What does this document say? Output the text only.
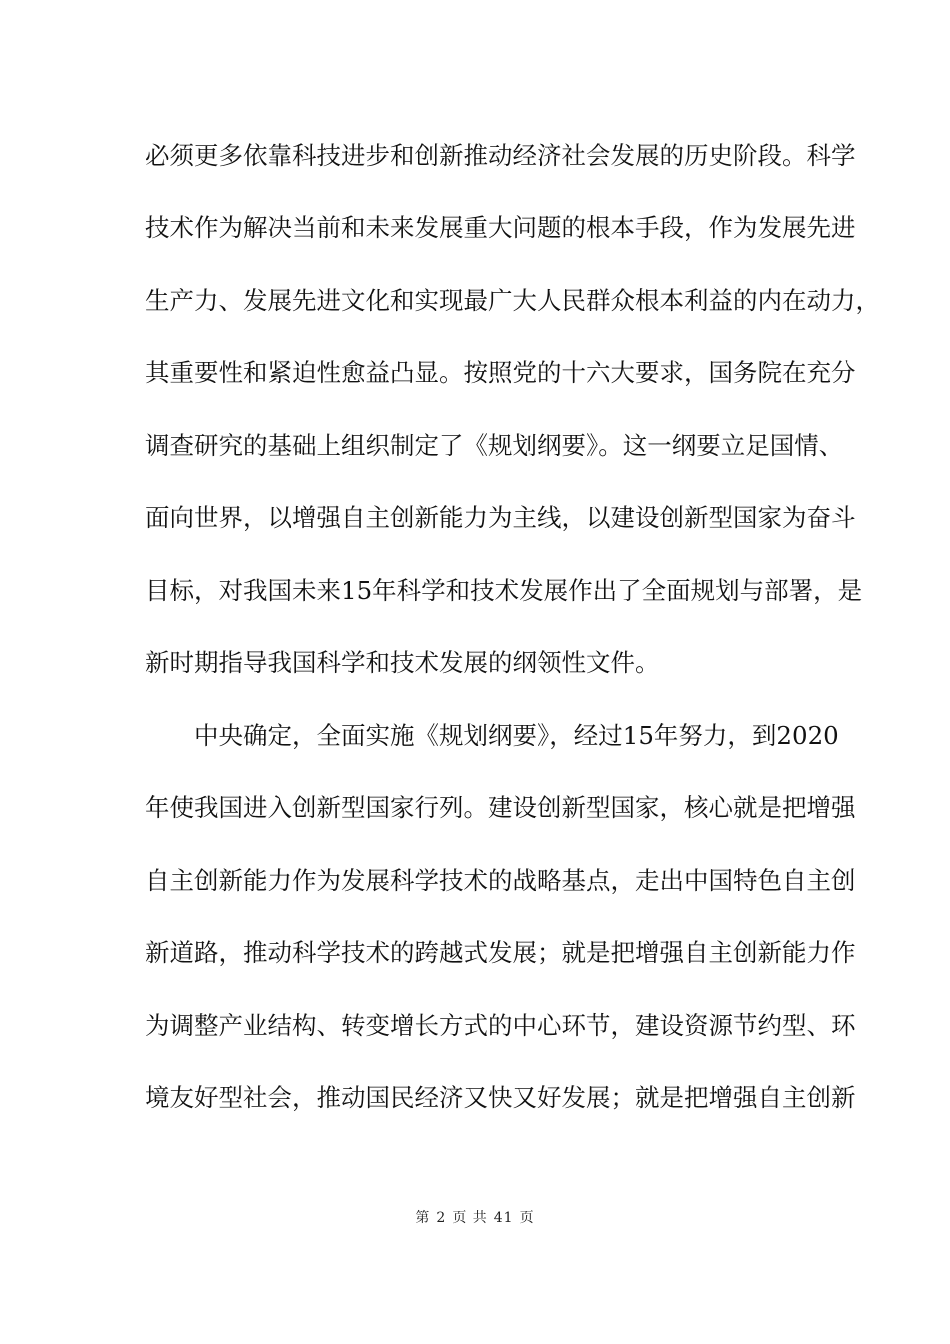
必须更多依靠科技进步和创新推动经济社会发展的历史阶段。科学
技术作为解决当前和未来发展重大问题的根本手段，作为发展先进
生产力、发展先进文化和实现最广大人民群众根本利益的内在动力，
其重要性和紧迫性愈益凸显。按照党的十六大要求，国务院在充分
调查研究的基础上组织制定了《规划纲要》。这一纲要立足国情、
面向世界，以增强自主创新能力为主线，以建设创新型国家为奋斗
目标，对我国未来15年科学和技术发展作出了全面规划与部署，是
新时期指导我国科学和技术发展的纲领性文件。
中央确定，全面实施《规划纲要》，经过15年努力，到2020
年使我国进入创新型国家行列。建设创新型国家，核心就是把增强
自主创新能力作为发展科学技术的战略基点，走出中国特色自主创
新道路，推动科学技术的跨越式发展；就是把增强自主创新能力作
为调整产业结构、转变增长方式的中心环节，建设资源节约型、环
境友好型社会，推动国民经济又快又好发展；就是把增强自主创新
第 2 页 共 41 页
